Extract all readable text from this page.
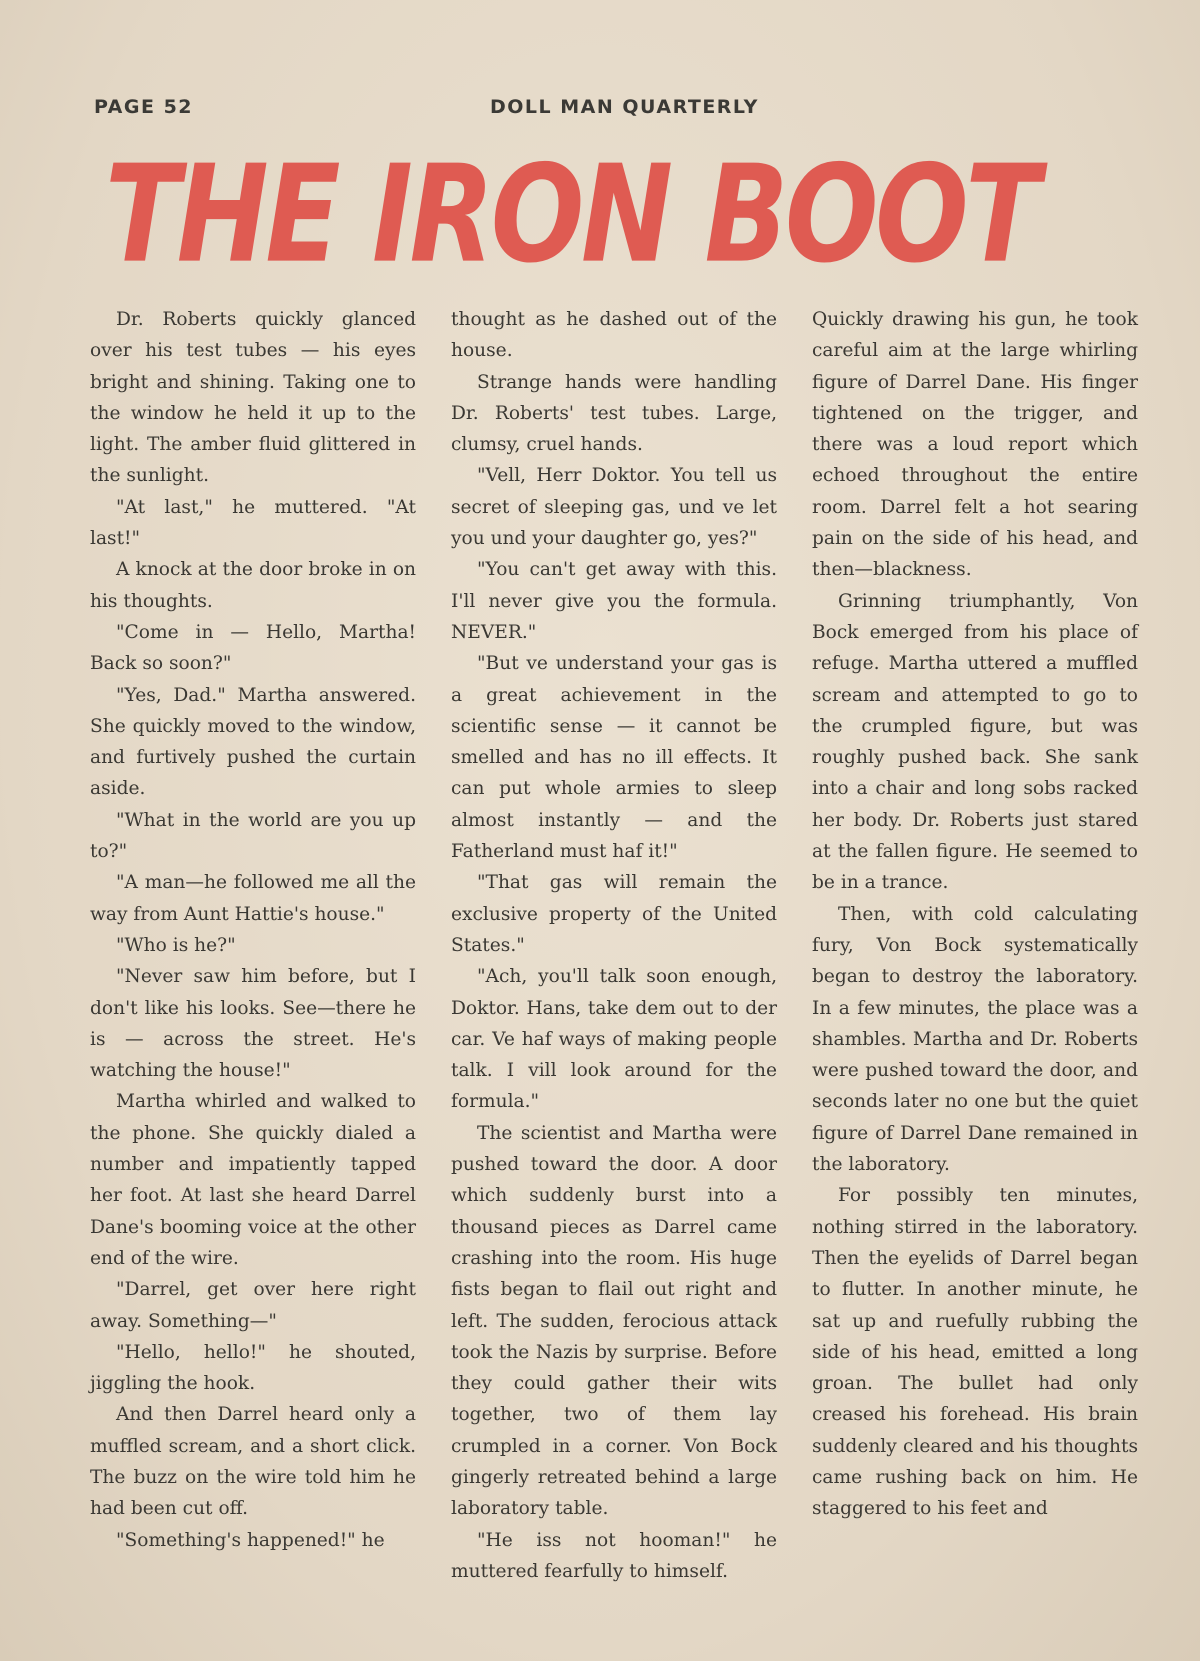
PAGE 52	DOLL MAN QUARTERLY
THE IRON BOOT

Dr. Roberts quickly glanced over his test tubes — his eyes bright and shining. Taking one to the window he held it up to the light. The amber fluid glittered in the sunlight.

"At last," he muttered. "At last!"

A knock at the door broke in on his thoughts.

"Come in — Hello, Martha! Back so soon?"

"Yes, Dad." Martha answered. She quickly moved to the window, and furtively pushed the curtain aside.

"What in the world are you up to?"

"A man—he followed me all the way from Aunt Hattie's house."

"Who is he?"

"Never saw him before, but I don't like his looks. See—there he is — across the street. He's watching the house!"

Martha whirled and walked to the phone. She quickly dialed a number and impatiently tapped her foot. At last she heard Darrel Dane's booming voice at the other end of the wire.

"Darrel, get over here right away. Something—"

"Hello, hello!" he shouted, jiggling the hook.

And then Darrel heard only a muffled scream, and a short click. The buzz on the wire told him he had been cut off.

"Something's happened!" he

thought as he dashed out of the house.

Strange hands were handling Dr. Roberts' test tubes. Large, clumsy, cruel hands.

"Vell, Herr Doktor. You tell us secret of sleeping gas, und ve let you und your daughter go, yes?"

"You can't get away with this. I'll never give you the formula. NEVER."

"But ve understand your gas is a great achievement in the scientific sense — it cannot be smelled and has no ill effects. It can put whole armies to sleep almost instantly — and the Fatherland must haf it!"

"That gas will remain the exclusive property of the United States."

"Ach, you'll talk soon enough, Doktor. Hans, take dem out to der car. Ve haf ways of making people talk. I vill look around for the formula."

The scientist and Martha were pushed toward the door. A door which suddenly burst into a thousand pieces as Darrel came crashing into the room. His huge fists began to flail out right and left. The sudden, ferocious attack took the Nazis by surprise. Before they could gather their wits together, two of them lay crumpled in a corner. Von Bock gingerly retreated behind a large laboratory table.

"He iss not hooman!" he muttered fearfully to himself.

Quickly drawing his gun, he took careful aim at the large whirling figure of Darrel Dane. His finger tightened on the trigger, and there was a loud report which echoed throughout the entire room. Darrel felt a hot searing pain on the side of his head, and then—blackness.

Grinning triumphantly, Von Bock emerged from his place of refuge. Martha uttered a muffled scream and attempted to go to the crumpled figure, but was roughly pushed back. She sank into a chair and long sobs racked her body. Dr. Roberts just stared at the fallen figure. He seemed to be in a trance.

Then, with cold calculating fury, Von Bock systematically began to destroy the laboratory. In a few minutes, the place was a shambles. Martha and Dr. Roberts were pushed toward the door, and seconds later no one but the quiet figure of Darrel Dane remained in the laboratory.

For possibly ten minutes, nothing stirred in the laboratory. Then the eyelids of Darrel began to flutter. In another minute, he sat up and ruefully rubbing the side of his head, emitted a long groan. The bullet had only creased his forehead. His brain suddenly cleared and his thoughts came rushing back on him. He staggered to his feet and
